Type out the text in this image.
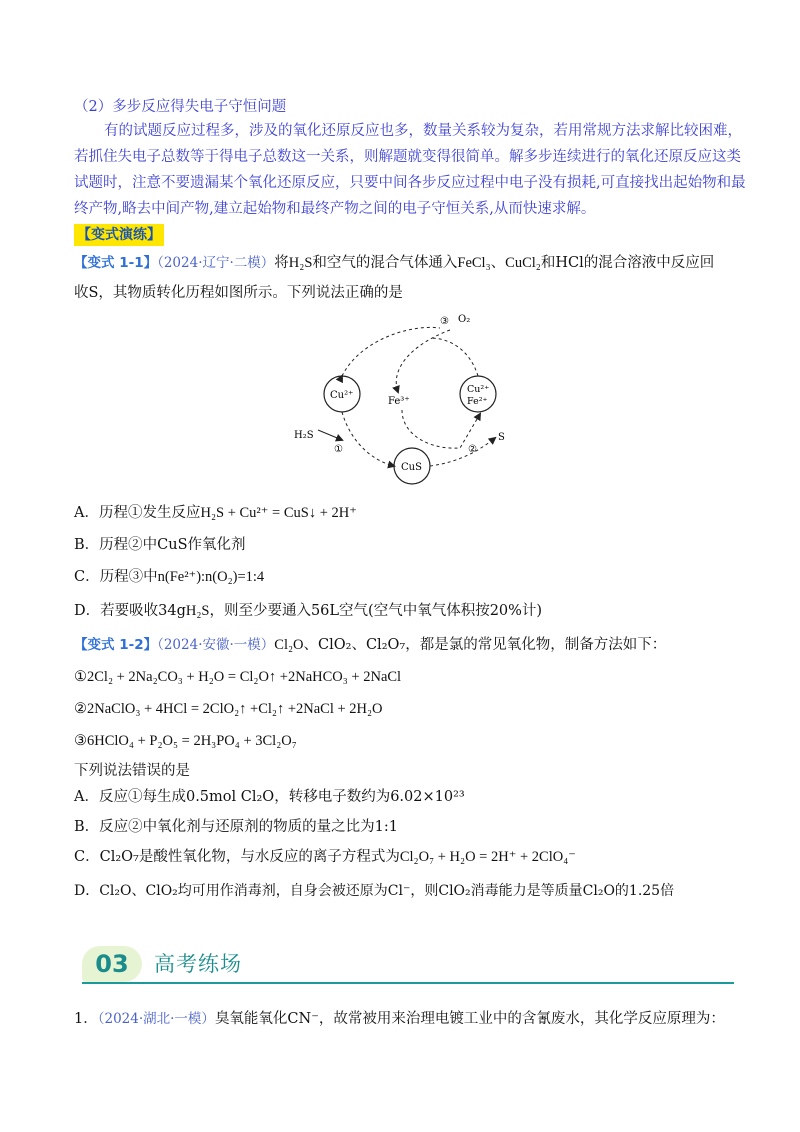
（2）多步反应得失电子守恒问题
有的试题反应过程多，涉及的氧化还原反应也多，数量关系较为复杂，若用常规方法求解比较困难，
若抓住失电子总数等于得电子总数这一关系，则解题就变得很简单。解多步连续进行的氧化还原反应这类
试题时，注意不要遗漏某个氧化还原反应，只要中间各步反应过程中电子没有损耗,可直接找出起始物和最
终产物,略去中间产物,建立起始物和最终产物之间的电子守恒关系,从而快速求解。
【变式演练】
【变式 1-1】（2024·辽宁·二模）将H₂S和空气的混合气体通入FeCl₃、CuCl₂和HCl的混合溶液中反应回
收S，其物质转化历程如图所示。下列说法正确的是
③ O₂
Cu²⁺
Fe³⁺
Cu²⁺
Fe²⁺
H₂S
①
CuS
②
S
A．历程①发生反应H₂S + Cu²⁺ = CuS↓ + 2H⁺
B．历程②中CuS作氧化剂
C．历程③中n(Fe²⁺):n(O₂)=1:4
D．若要吸收34gH₂S，则至少要通入56L空气(空气中氧气体积按20%计)
【变式 1-2】（2024·安徽·一模）Cl₂O、ClO₂、Cl₂O₇，都是氯的常见氧化物，制备方法如下：
①2Cl₂ + 2Na₂CO₃ + H₂O = Cl₂O↑ +2NaHCO₃ + 2NaCl
②2NaClO₃ + 4HCl = 2ClO₂↑ +Cl₂↑ +2NaCl + 2H₂O
③6HClO₄ + P₂O₅ = 2H₃PO₄ + 3Cl₂O₇
下列说法错误的是
A．反应①每生成0.5mol Cl₂O，转移电子数约为6.02×10²³
B．反应②中氧化剂与还原剂的物质的量之比为1:1
C．Cl₂O₇是酸性氧化物，与水反应的离子方程式为Cl₂O₇ + H₂O = 2H⁺ + 2ClO₄⁻
D．Cl₂O、ClO₂均可用作消毒剂，自身会被还原为Cl⁻，则ClO₂消毒能力是等质量Cl₂O的1.25倍
03	高考练场
1．（2024·湖北·一模）臭氧能氧化CN⁻，故常被用来治理电镀工业中的含氰废水，其化学反应原理为：
